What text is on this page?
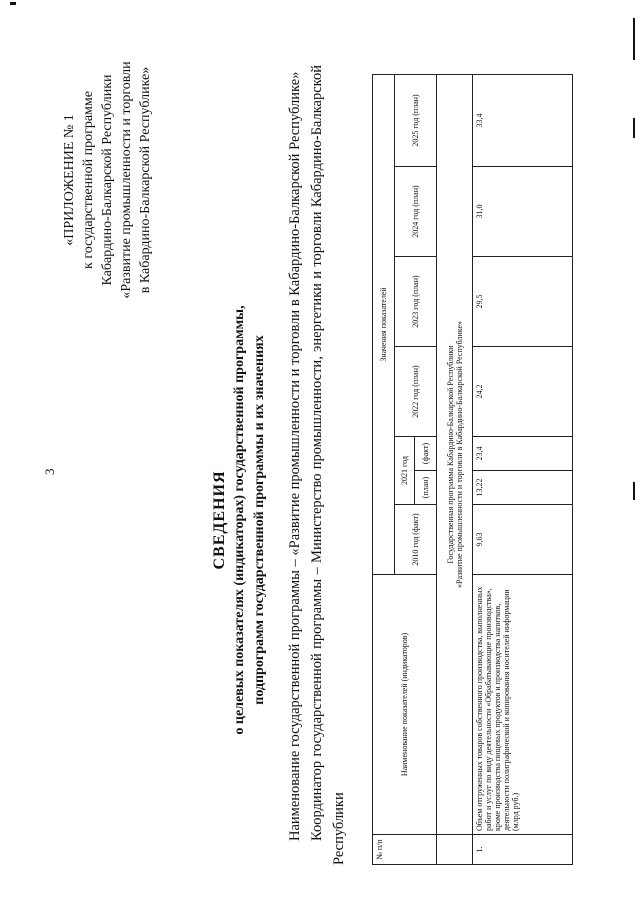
3
«ПРИЛОЖЕНИЕ № 1 к государственной программе Кабардино-Балкарской Республики «Развитие промышленности и торговли в Кабардино-Балкарской Республике»
СВЕДЕНИЯ о целевых показателях (индикаторах) государственной программы, подпрограмм государственной программы и их значениях Наименование государственной программы – «Развитие промышленности и торговли в Кабардино-Балкарской Республике» Координатор государственной программы – Министерство промышленности, энергетики и торговли Кабардино-Балкарской Республики	№ п/п	Наименование показателей (индикаторов)	Значения показателей						
		2010 год (факт)	2021 год		2022 год (план)	2023 год (план)	2024 год (план)	2025 год (план)
			(план)	(факт)				

	Государственная программа Кабардино-Балкарской Республики «Развитие промышленности и торговли в Кабардино-Балкарской Республике»							

1.	Объем отгруженных товаров собственного производства, выполненных работ и услуг по виду деятельности «Обрабатывающие производства», кроме производства пищевых продуктов и производства напитков, деятельности полиграфической и копирования носителей информации (млрд руб.)	9,63	13,22	23,4	24,2	29,5	31,0	33,4
